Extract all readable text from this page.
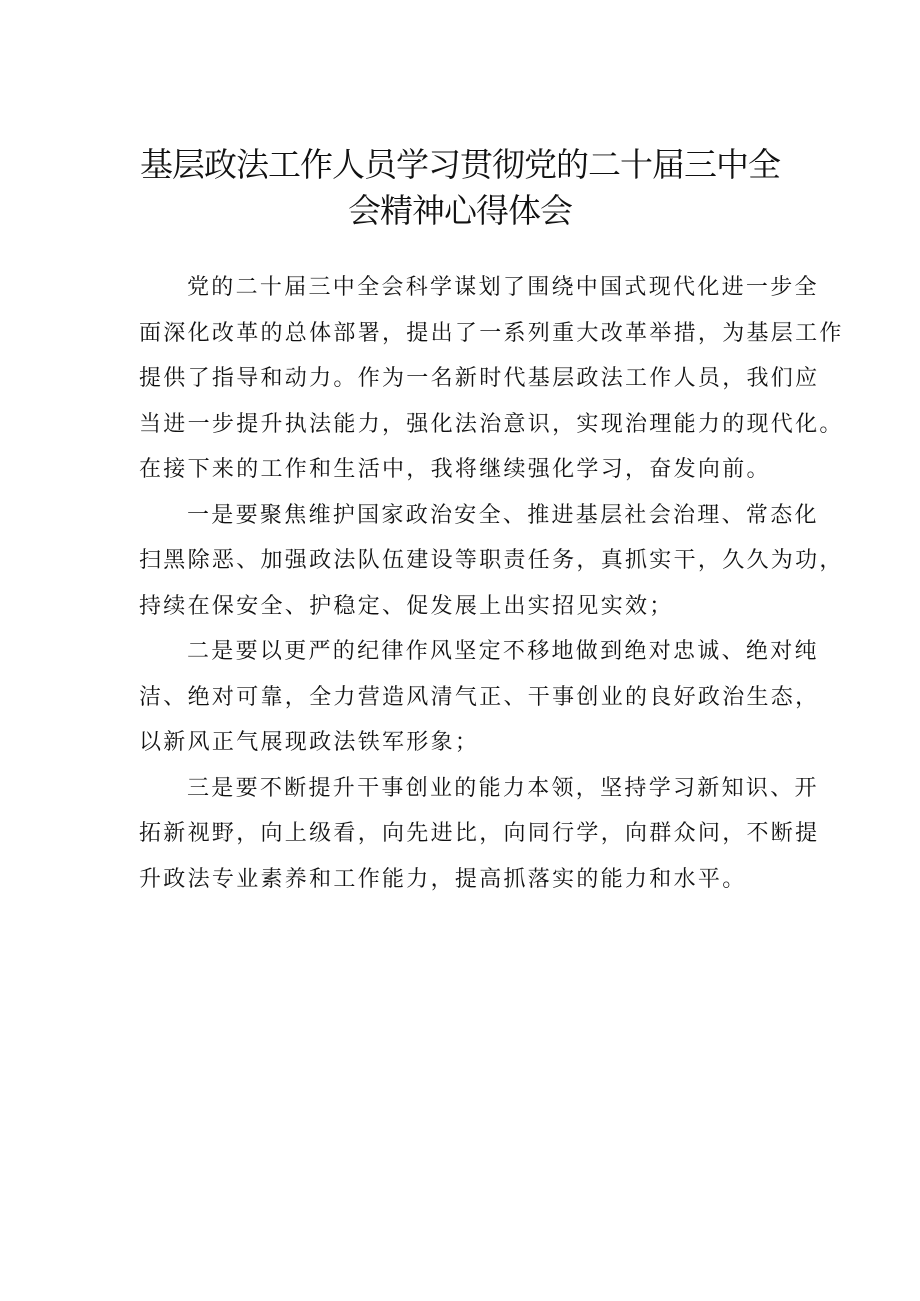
基层政法工作人员学习贯彻党的二十届三中全
会精神心得体会

党的二十届三中全会科学谋划了围绕中国式现代化进一步全
面深化改革的总体部署，提出了一系列重大改革举措，为基层工作
提供了指导和动力。作为一名新时代基层政法工作人员，我们应
当进一步提升执法能力，强化法治意识，实现治理能力的现代化。
在接下来的工作和生活中，我将继续强化学习，奋发向前。

一是要聚焦维护国家政治安全、推进基层社会治理、常态化
扫黑除恶、加强政法队伍建设等职责任务，真抓实干，久久为功，
持续在保安全、护稳定、促发展上出实招见实效；

二是要以更严的纪律作风坚定不移地做到绝对忠诚、绝对纯
洁、绝对可靠，全力营造风清气正、干事创业的良好政治生态，
以新风正气展现政法铁军形象；

三是要不断提升干事创业的能力本领，坚持学习新知识、开
拓新视野，向上级看，向先进比，向同行学，向群众问，不断提
升政法专业素养和工作能力，提高抓落实的能力和水平。
